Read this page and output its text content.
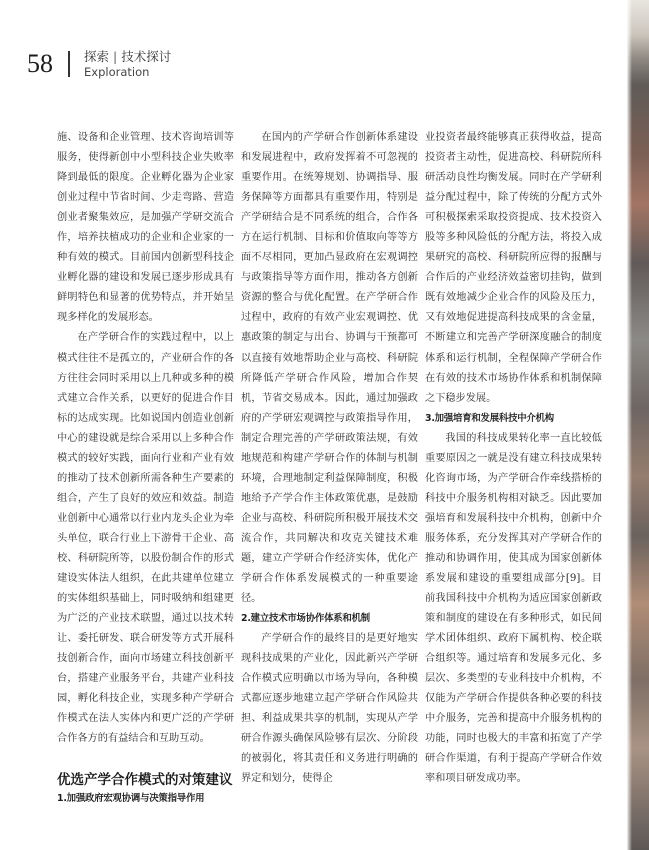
58 探索 | 技术探讨
Exploration

施、设备和企业管理、技术咨询培训等服务，使得新创中小型科技企业失败率降到最低的限度。企业孵化器为企业家创业过程中节省时间、少走弯路、营造创业者聚集效应，是加强产学研交流合作，培养扶植成功的企业和企业家的一种有效的模式。目前国内创新型科技企业孵化器的建设和发展已逐步形成具有鲜明特色和显著的优势特点，并开始呈现多样化的发展形态。

在产学研合作的实践过程中，以上模式往往不是孤立的，产业研合作的各方往往会同时采用以上几种或多种的模式建立合作关系，以更好的促进合作目标的达成实现。比如说国内创造业创新中心的建设就是综合采用以上多种合作模式的较好实践，面向行业和产业有效的推动了技术创新所需各种生产要素的组合，产生了良好的效应和效益。制造业创新中心通常以行业内龙头企业为牵头单位，联合行业上下游骨干企业、高校、科研院所等，以股份制合作的形式建设实体法人组织，在此共建单位建立的实体组织基础上，同时吸纳和组建更为广泛的产业技术联盟，通过以技术转让、委托研发、联合研发等方式开展科技创新合作，面向市场建立科技创新平台，搭建产业服务平台，共建产业科技园，孵化科技企业，实现多种产学研合作模式在法人实体内和更广泛的产学研合作各方的有益结合和互助互动。

优选产学合作模式的对策建议
1.加强政府宏观协调与决策指导作用

在国内的产学研合作创新体系建设和发展进程中，政府发挥着不可忽视的重要作用。在统筹规划、协调指导、服务保障等方面都具有重要作用，特别是产学研结合是不同系统的组合，合作各方在运行机制、目标和价值取向等等方面不尽相同，更加凸显政府在宏观调控与政策指导等方面作用，推动各方创新资源的整合与优化配置。在产学研合作过程中，政府的有效产业宏观调控、优惠政策的制定与出台、协调与干预都可以直接有效地帮助企业与高校、科研院所降低产学研合作风险，增加合作契机，节省交易成本。因此，通过加强政府的产学研宏观调控与政策指导作用，制定合理完善的产学研政策法规，有效地规范和构建产学研合作的体制与机制环境，合理地制定利益保障制度，积极地给予产学合作主体政策优惠，是鼓励企业与高校、科研院所积极开展技术交流合作，共同解决和攻克关键技术难题，建立产学研合作经济实体，优化产学研合作体系发展模式的一种重要途径。

2.建立技术市场协作体系和机制

产学研合作的最终目的是更好地实现科技成果的产业化，因此新兴产学研合作模式应明确以市场为导向，各种模式都应逐步地建立起产学研合作风险共担、利益成果共享的机制，实现从产学研合作源头确保风险够有层次、分阶段的被弱化，将其责任和义务进行明确的界定和划分，使得企

业投资者最终能够真正获得收益，提高投资者主动性，促进高校、科研院所科研活动良性均衡发展。同时在产学研利益分配过程中，除了传统的分配方式外可积极探索采取投资提成、技术投资入股等多种风险低的分配方法，将投入成果研究的高校、科研院所应得的报酬与合作后的产业经济效益密切挂钩，做到既有效地减少企业合作的风险及压力，又有效地促进提高科技成果的含金量，不断建立和完善产学研深度融合的制度体系和运行机制，全程保障产学研合作在有效的技术市场协作体系和机制保障之下稳步发展。

3.加强培育和发展科技中介机构

我国的科技成果转化率一直比较低重要原因之一就是没有建立科技成果转化咨询市场，为产学研合作牵线搭桥的科技中介服务机构相对缺乏。因此要加强培育和发展科技中介机构，创新中介服务体系，充分发挥其对产学研合作的推动和协调作用，使其成为国家创新体系发展和建设的重要组成部分[9]。目前我国科技中介机构为适应国家创新政策和制度的建设在有多种形式，如民间学术团体组织、政府下属机构、校企联合组织等。通过培育和发展多元化、多层次、多类型的专业科技中介机构，不仅能为产学研合作提供各种必要的科技中介服务，完善和提高中介服务机构的功能，同时也极大的丰富和拓宽了产学研合作渠道，有利于提高产学研合作效率和项目研发成功率。
